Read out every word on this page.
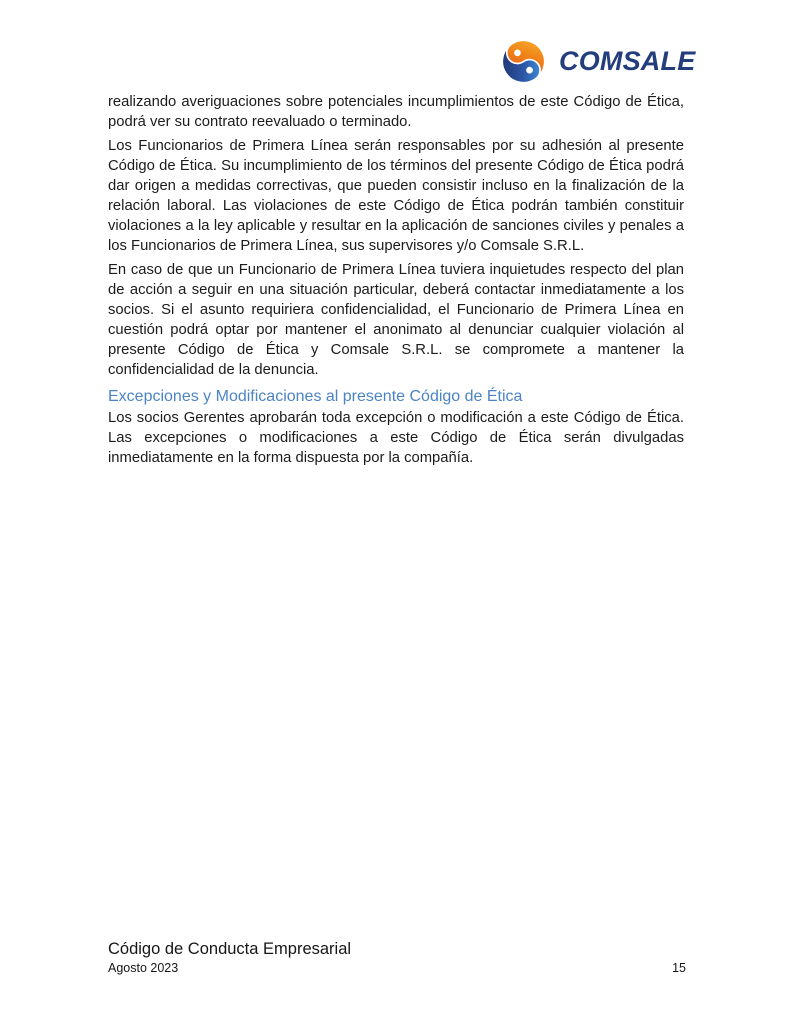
COMSALE

realizando averiguaciones sobre potenciales incumplimientos de este Código de Ética, podrá ver su contrato reevaluado o terminado.

Los Funcionarios de Primera Línea serán responsables por su adhesión al presente Código de Ética. Su incumplimiento de los términos del presente Código de Ética podrá dar origen a medidas correctivas, que pueden consistir incluso en la finalización de la relación laboral. Las violaciones de este Código de Ética podrán también constituir violaciones a la ley aplicable y resultar en la aplicación de sanciones civiles y penales a los Funcionarios de Primera Línea, sus supervisores y/o Comsale S.R.L.

En caso de que un Funcionario de Primera Línea tuviera inquietudes respecto del plan de acción a seguir en una situación particular, deberá contactar inmediatamente a los socios. Si el asunto requiriera confidencialidad, el Funcionario de Primera Línea en cuestión podrá optar por mantener el anonimato al denunciar cualquier violación al presente Código de Ética y Comsale S.R.L. se compromete a mantener la confidencialidad de la denuncia.

Excepciones y Modificaciones al presente Código de Ética

Los socios Gerentes aprobarán toda excepción o modificación a este Código de Ética. Las excepciones o modificaciones a este Código de Ética serán divulgadas inmediatamente en la forma dispuesta por la compañía.

Código de Conducta Empresarial
Agosto 2023	15
